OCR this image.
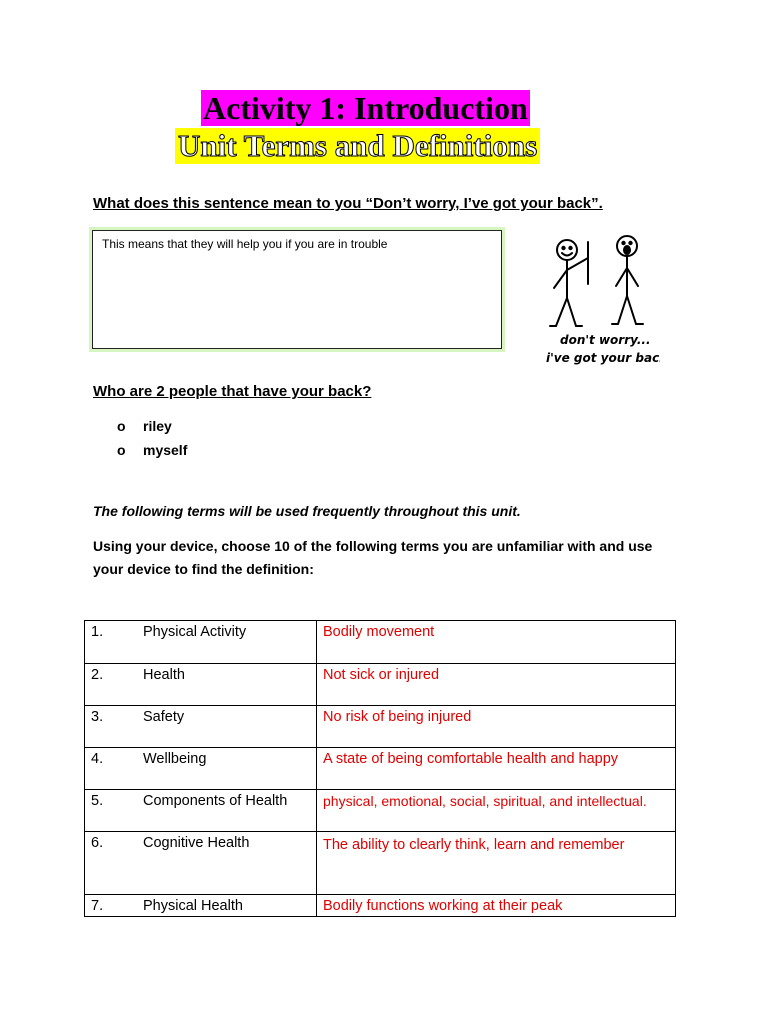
Activity 1: Introduction
Unit Terms and Definitions
What does this sentence mean to you “Don’t worry, I’ve got your back”.
This means that they will help you if you are in trouble
don't worry...
i've got your back
Who are 2 people that have your back?
o	riley
o	myself
The following terms will be used frequently throughout this unit.
Using your device, choose 10 of the following terms you are unfamiliar with and use your device to find the definition:
1.	Physical Activity	Bodily movement
2.	Health	Not sick or injured
3.	Safety	No risk of being injured
4.	Wellbeing	A state of being comfortable health and happy
5.	Components of Health	physical, emotional, social, spiritual, and intellectual.
6.	Cognitive Health	The ability to clearly think, learn and remember
7.	Physical Health	Bodily functions working at their peak
